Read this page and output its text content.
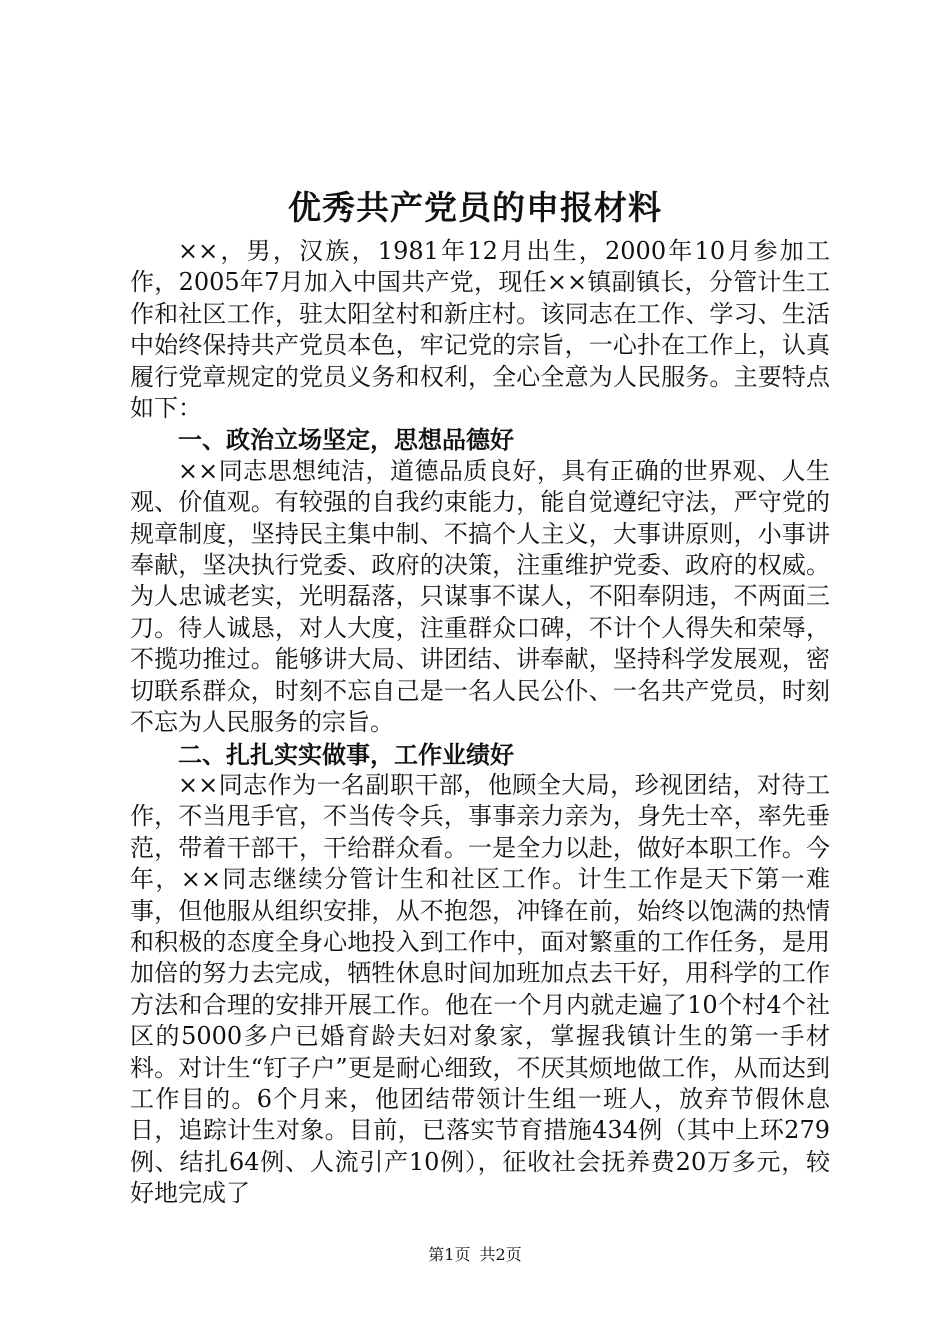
优秀共产党员的申报材料

××，男，汉族，1981年12月出生，2000年10月参加工作，2005年7月加入中国共产党，现任××镇副镇长，分管计生工作和社区工作，驻太阳坌村和新庄村。该同志在工作、学习、生活中始终保持共产党员本色，牢记党的宗旨，一心扑在工作上，认真履行党章规定的党员义务和权利，全心全意为人民服务。主要特点如下：

一、政治立场坚定，思想品德好

××同志思想纯洁，道德品质良好，具有正确的世界观、人生观、价值观。有较强的自我约束能力，能自觉遵纪守法，严守党的规章制度，坚持民主集中制、不搞个人主义，大事讲原则，小事讲奉献，坚决执行党委、政府的决策，注重维护党委、政府的权威。为人忠诚老实，光明磊落，只谋事不谋人，不阳奉阴违，不两面三刀。待人诚恳，对人大度，注重群众口碑，不计个人得失和荣辱，不揽功推过。能够讲大局、讲团结、讲奉献，坚持科学发展观，密切联系群众，时刻不忘自己是一名人民公仆、一名共产党员，时刻不忘为人民服务的宗旨。

二、扎扎实实做事，工作业绩好

××同志作为一名副职干部，他顾全大局，珍视团结，对待工作，不当甩手官，不当传令兵，事事亲力亲为，身先士卒，率先垂范，带着干部干，干给群众看。一是全力以赴，做好本职工作。今年，××同志继续分管计生和社区工作。计生工作是天下第一难事，但他服从组织安排，从不抱怨，冲锋在前，始终以饱满的热情和积极的态度全身心地投入到工作中，面对繁重的工作任务，是用加倍的努力去完成，牺牲休息时间加班加点去干好，用科学的工作方法和合理的安排开展工作。他在一个月内就走遍了10个村4个社区的5000多户已婚育龄夫妇对象家，掌握我镇计生的第一手材料。对计生“钉子户”更是耐心细致，不厌其烦地做工作，从而达到工作目的。6个月来，他团结带领计生组一班人，放弃节假休息日，追踪计生对象。目前，已落实节育措施434例（其中上环279例、结扎64例、人流引产10例），征收社会抚养费20万多元，较好地完成了

第1页 共2页
